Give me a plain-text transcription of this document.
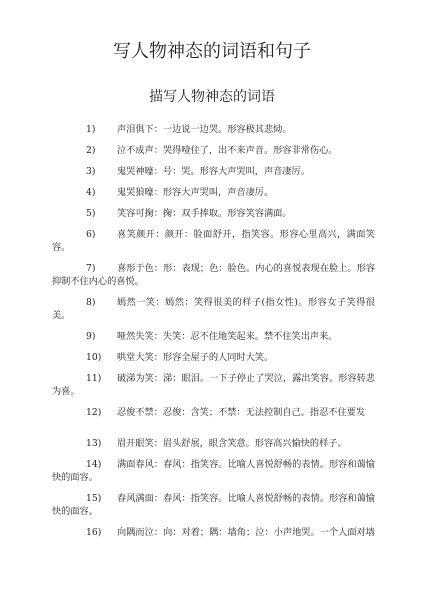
写人物神态的词语和句子
描写人物神态的词语
1)	声泪俱下：一边说一边哭。形容极其悲恸。
2)	泣不成声：哭得噎住了，出不来声音。形容非常伤心。
3)	鬼哭神嚎：号：哭。形容大声哭叫，声音凄厉。
4)	鬼哭狼嚎：形容大声哭叫，声音凄厉。
5)	笑容可掬：掬：双手捧取。形容笑容满面。
6)	喜笑颜开：颜开：脸面舒开，指笑容。形容心里高兴，满面笑
容。
7)	喜形于色：形：表现；色：脸色。内心的喜悦表现在脸上。形容
抑制不住内心的喜悦。
8)	嫣然一笑：嫣然：笑得很美的样子(指女性)。形容女子笑得很
美。
9)	哑然失笑：失笑：忍不住地笑起来。禁不住笑出声来。
10)	哄堂大笑：形容全屋子的人同时大笑。
11)	破涕为笑：涕：眼泪。一下子停止了哭泣，露出笑容。形容转悲
为喜。
12)	忍俊不禁：忍俊：含笑；不禁：无法控制自己。指忍不住要发
13)	眉开眼笑：眉头舒展，眼含笑意。形容高兴愉快的样子。
14)	满面春风：春风：指笑容。比喻人喜悦舒畅的表情。形容和蔼愉
快的面容。
15)	春风满面：春风：指笑容。比喻人喜悦舒畅的表情。形容和蔼愉
快的面容。
16)	向隅而泣：向：对着；隅：墙角；泣：小声地哭。一个人面对墙
